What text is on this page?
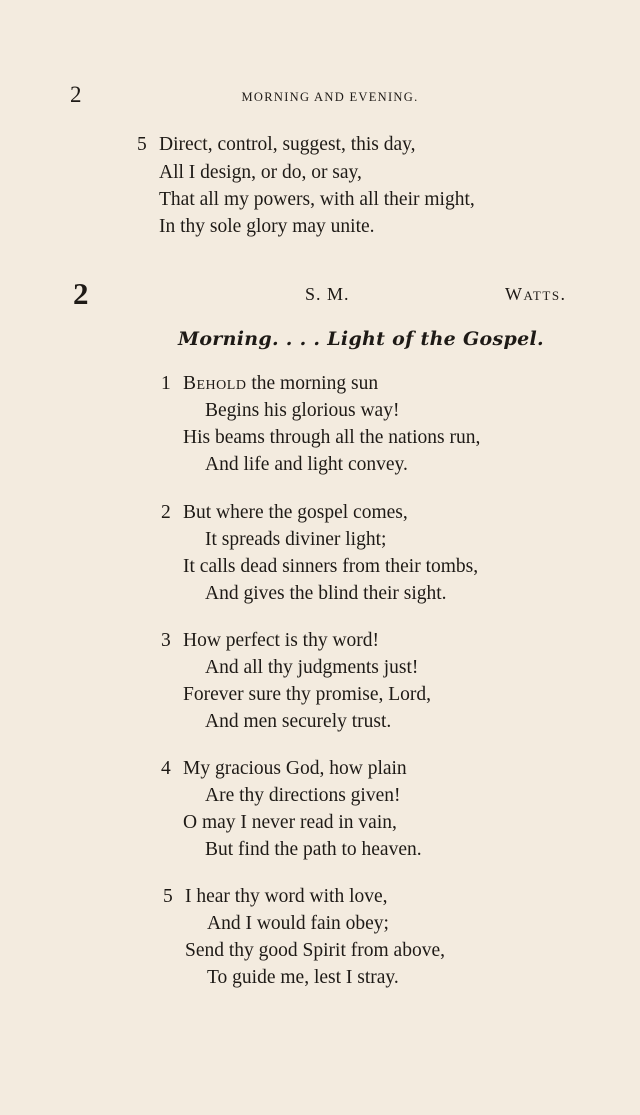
2	MORNING AND EVENING.
5 Direct, control, suggest, this day,
All I design, or do, or say,
That all my powers, with all their might,
In thy sole glory may unite.
2	S. M.	Watts.
Morning. . . . Light of the Gospel.
1 Behold the morning sun
Begins his glorious way!
His beams through all the nations run,
And life and light convey.
2 But where the gospel comes,
It spreads diviner light;
It calls dead sinners from their tombs,
And gives the blind their sight.
3 How perfect is thy word!
And all thy judgments just!
Forever sure thy promise, Lord,
And men securely trust.
4 My gracious God, how plain
Are thy directions given!
O may I never read in vain,
But find the path to heaven.
5 I hear thy word with love,
And I would fain obey;
Send thy good Spirit from above,
To guide me, lest I stray.
